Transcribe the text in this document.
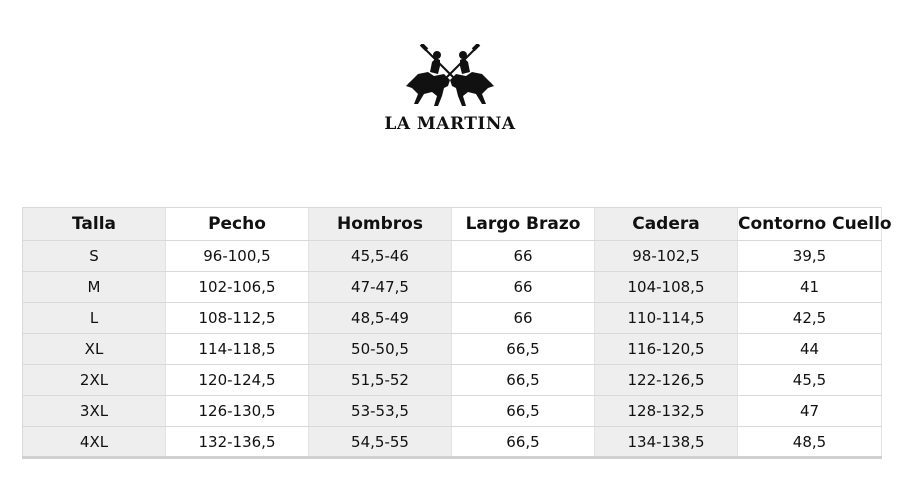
LA MARTINA
Talla	Pecho	Hombros	Largo Brazo	Cadera	Contorno Cuello
S	96-100,5	45,5-46	66	98-102,5	39,5
M	102-106,5	47-47,5	66	104-108,5	41
L	108-112,5	48,5-49	66	110-114,5	42,5
XL	114-118,5	50-50,5	66,5	116-120,5	44
2XL	120-124,5	51,5-52	66,5	122-126,5	45,5
3XL	126-130,5	53-53,5	66,5	128-132,5	47
4XL	132-136,5	54,5-55	66,5	134-138,5	48,5
